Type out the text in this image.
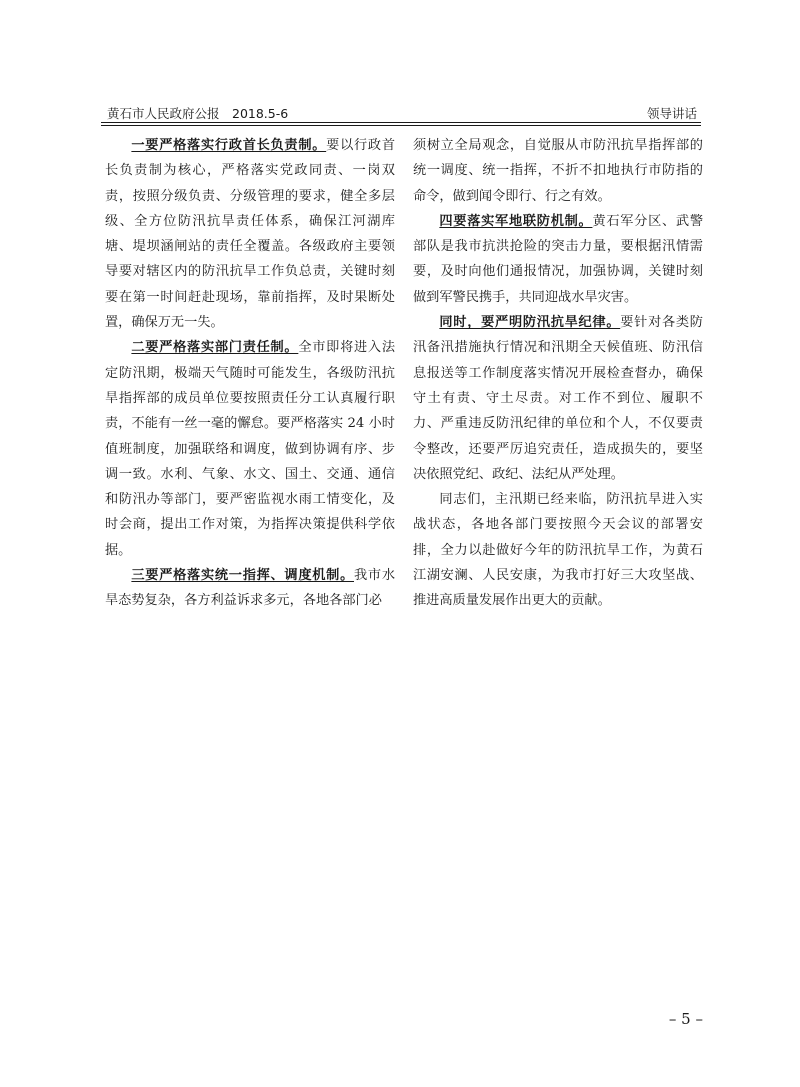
黄石市人民政府公报　2018.5-6	领导讲话

一要严格落实行政首长负责制。要以行政首长负责制为核心，严格落实党政同责、一岗双责，按照分级负责、分级管理的要求，健全多层级、全方位防汛抗旱责任体系，确保江河湖库塘、堤坝涵闸站的责任全覆盖。各级政府主要领导要对辖区内的防汛抗旱工作负总责，关键时刻要在第一时间赶赴现场，靠前指挥，及时果断处置，确保万无一失。

二要严格落实部门责任制。全市即将进入法定防汛期，极端天气随时可能发生，各级防汛抗旱指挥部的成员单位要按照责任分工认真履行职责，不能有一丝一毫的懈怠。要严格落实 24 小时值班制度，加强联络和调度，做到协调有序、步调一致。水利、气象、水文、国土、交通、通信和防汛办等部门，要严密监视水雨工情变化，及时会商，提出工作对策，为指挥决策提供科学依据。

三要严格落实统一指挥、调度机制。我市水旱态势复杂，各方利益诉求多元，各地各部门必

须树立全局观念，自觉服从市防汛抗旱指挥部的统一调度、统一指挥，不折不扣地执行市防指的命令，做到闻令即行、行之有效。

四要落实军地联防机制。黄石军分区、武警部队是我市抗洪抢险的突击力量，要根据汛情需要，及时向他们通报情况，加强协调，关键时刻做到军警民携手，共同迎战水旱灾害。

同时，要严明防汛抗旱纪律。要针对各类防汛备汛措施执行情况和汛期全天候值班、防汛信息报送等工作制度落实情况开展检查督办，确保守土有责、守土尽责。对工作不到位、履职不力、严重违反防汛纪律的单位和个人，不仅要责令整改，还要严厉追究责任，造成损失的，要坚决依照党纪、政纪、法纪从严处理。

同志们，主汛期已经来临，防汛抗旱进入实战状态，各地各部门要按照今天会议的部署安排，全力以赴做好今年的防汛抗旱工作，为黄石江湖安澜、人民安康，为我市打好三大攻坚战、推进高质量发展作出更大的贡献。

– 5 –
